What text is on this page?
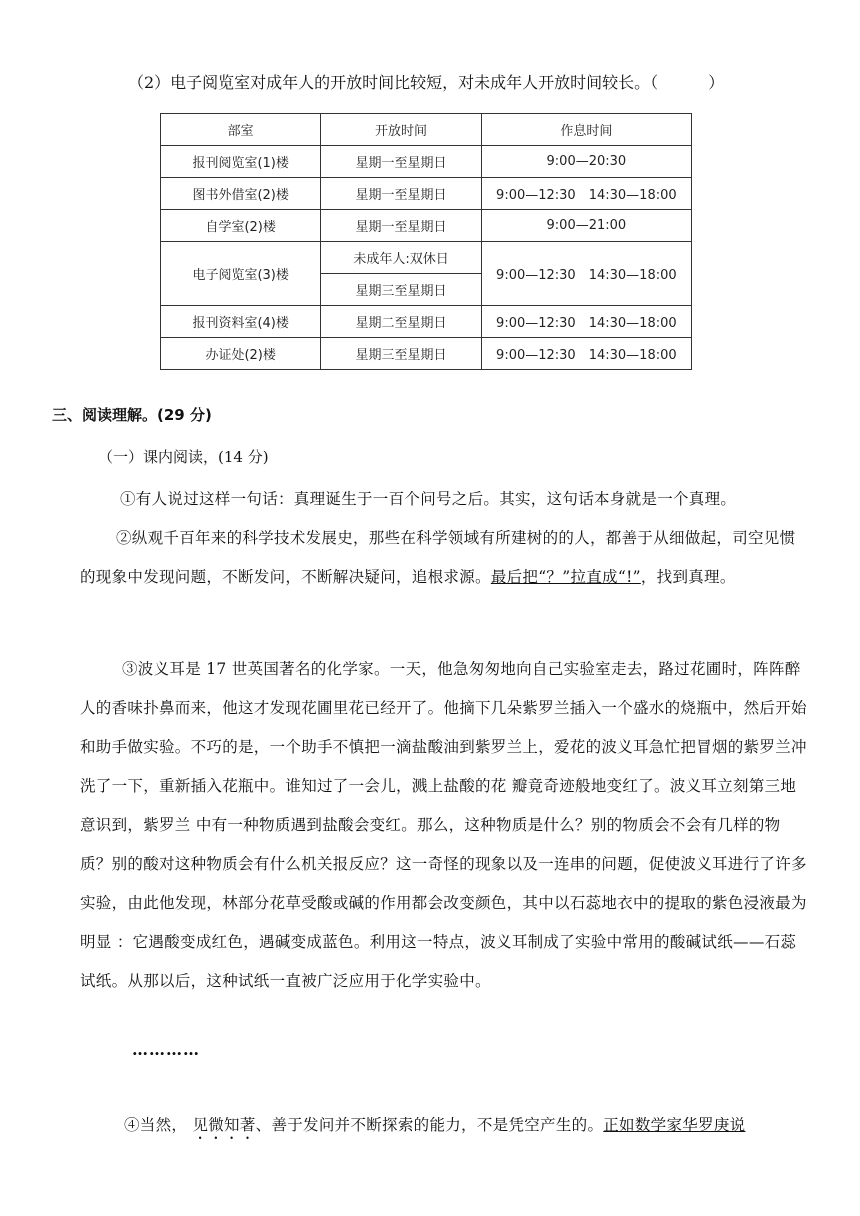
（2）电子阅览室对成年人的开放时间比较短，对未成年人开放时间较长。（	）
部室	开放时间	作息时间
报刊阅览室(1)楼	星期一至星期日	9:00—20:30
图书外借室(2)楼	星期一至星期日	9:00—12:30　14:30—18:00
自学室(2)楼	星期一至星期日	9:00—21:00
电子阅览室(3)楼	未成年人:双休日	9:00—12:30　14:30—18:00
	星期三至星期日	
报刊资料室(4)楼	星期二至星期日	9:00—12:30　14:30—18:00
办证处(2)楼	星期三至星期日	9:00—12:30　14:30—18:00
三、阅读理解。(29 分)
（一）课内阅读，(14 分)
①有人说过这样一句话：真理诞生于一百个问号之后。其实，这句话本身就是一个真理。
②纵观千百年来的科学技术发展史，那些在科学领域有所建树的的人，都善于从细做起，司空见惯的现象中发现问题，不断发问，不断解决疑问，追根求源。最后把“？”拉直成“!”，找到真理。
③波义耳是 17 世英国著名的化学家。一天，他急匆匆地向自己实验室走去，路过花圃时，阵阵醉人的香味扑鼻而来，他这才发现花圃里花已经开了。他摘下几朵紫罗兰插入一个盛水的烧瓶中，然后开始和助手做实验。不巧的是，一个助手不慎把一滴盐酸油到紫罗兰上，爱花的波义耳急忙把冒烟的紫罗兰冲洗了一下，重新插入花瓶中。谁知过了一会儿，溅上盐酸的花 瓣竟奇迹般地变红了。波义耳立刻第三地意识到，紫罗兰 中有一种物质遇到盐酸会变红。那么，这种物质是什么？别的物质会不会有几样的物质？别的酸对这种物质会有什么机关报反应？这一奇怪的现象以及一连串的问题，促使波义耳进行了许多实验，由此他发现，林部分花草受酸或碱的作用都会改变颜色，其中以石蕊地衣中的提取的紫色浸液最为明显 ：它遇酸变成红色，遇碱变成蓝色。利用这一特点，波义耳制成了实验中常用的酸碱试纸——石蕊试纸。从那以后，这种试纸一直被广泛应用于化学实验中。
…………
④当然， 见微知著、善于发问并不断探索的能力，不是凭空产生的。正如数学家华罗庚说
